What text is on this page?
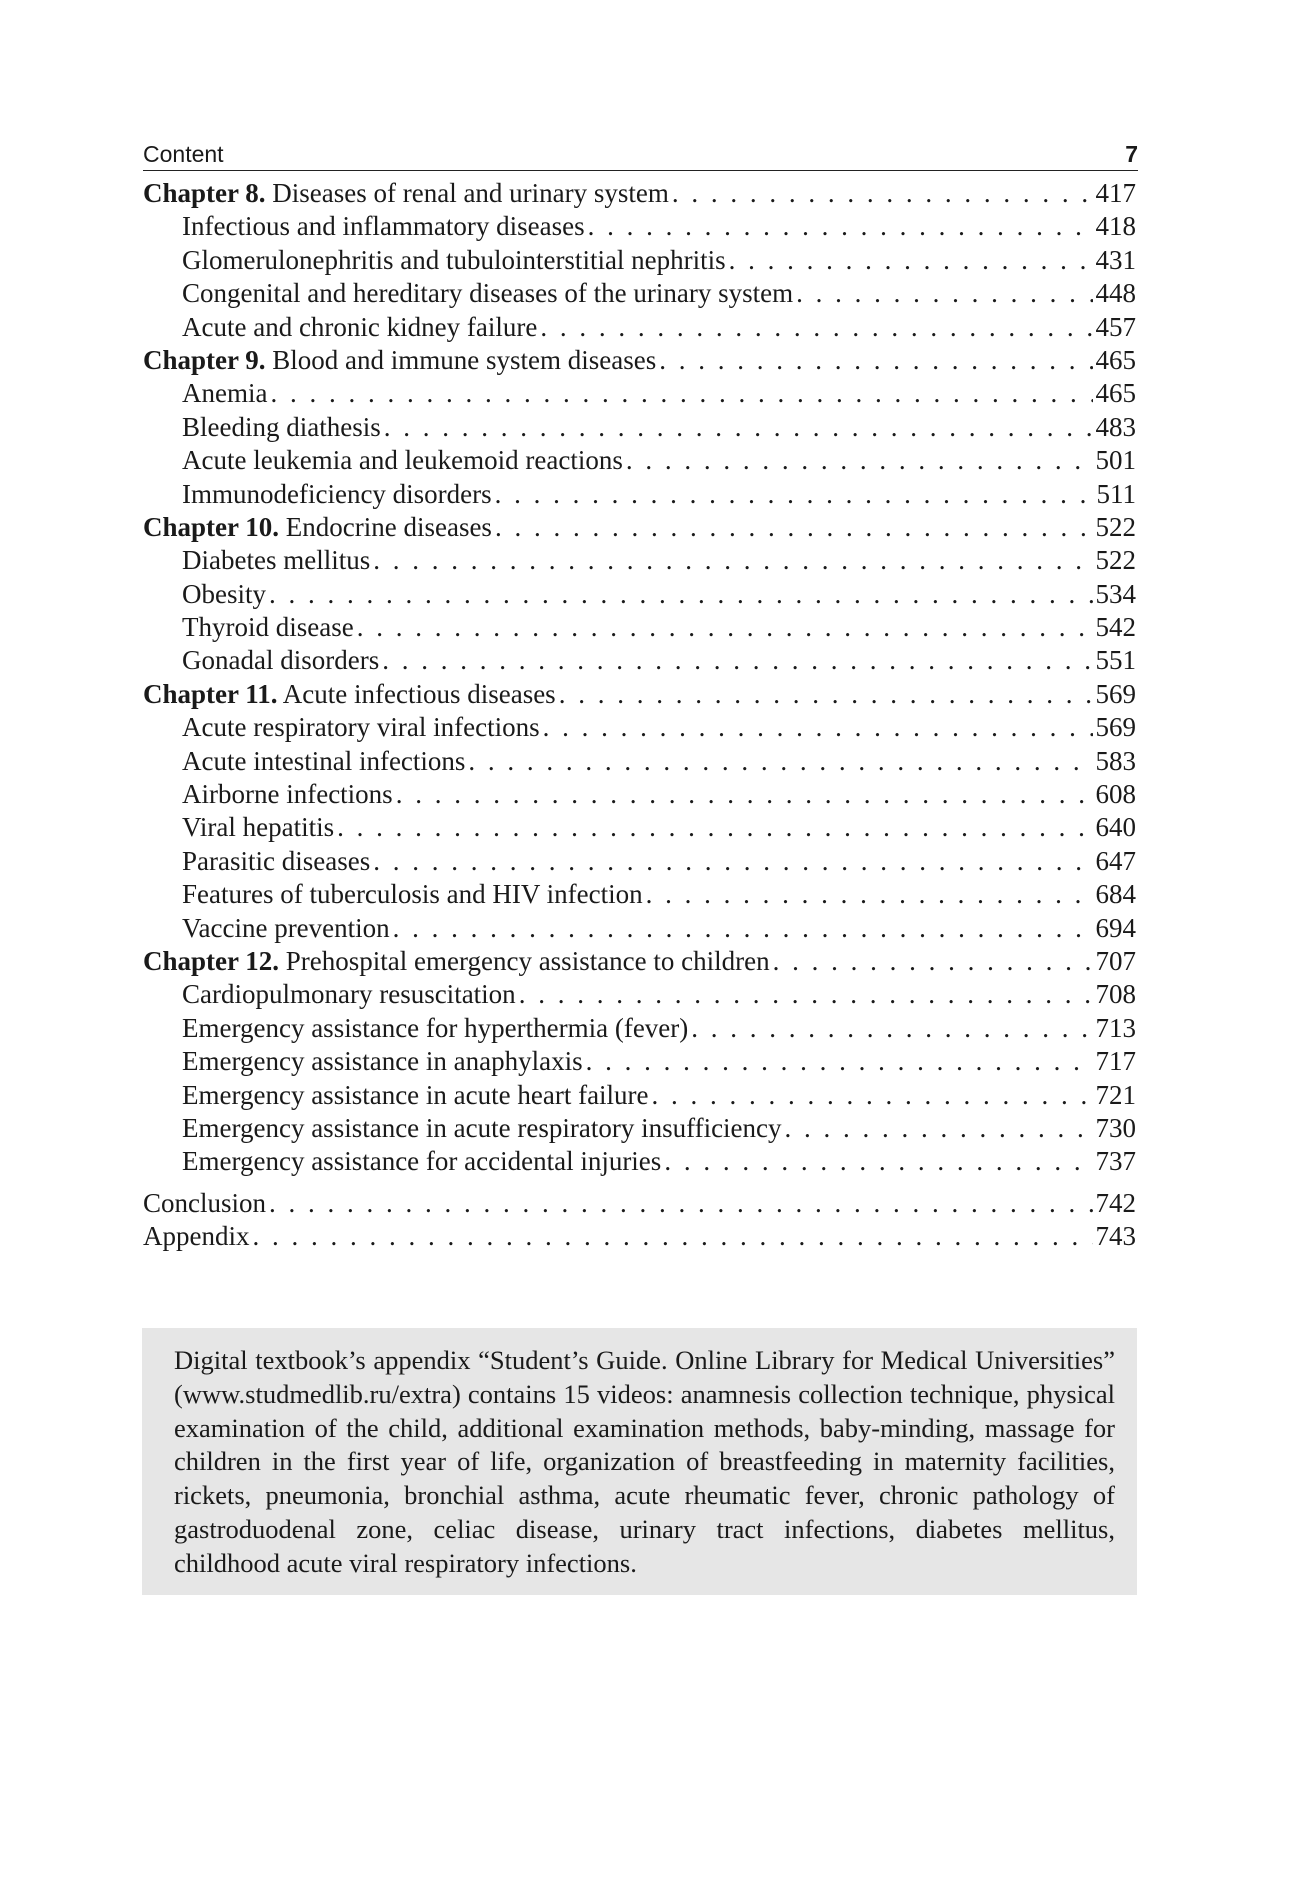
Content	7
Chapter 8. Diseases of renal and urinary system . . .	417
Infectious and inflammatory diseases . . .	418
Glomerulonephritis and tubulointerstitial nephritis . . .	431
Congenital and hereditary diseases of the urinary system . . .	448
Acute and chronic kidney failure . . .	457
Chapter 9. Blood and immune system diseases . . .	465
Anemia . . .	465
Bleeding diathesis . . .	483
Acute leukemia and leukemoid reactions . . .	501
Immunodeficiency disorders . . .	511
Chapter 10. Endocrine diseases . . .	522
Diabetes mellitus . . .	522
Obesity . . .	534
Thyroid disease . . .	542
Gonadal disorders . . .	551
Chapter 11. Acute infectious diseases . . .	569
Acute respiratory viral infections . . .	569
Acute intestinal infections . . .	583
Airborne infections . . .	608
Viral hepatitis . . .	640
Parasitic diseases . . .	647
Features of tuberculosis and HIV infection . . .	684
Vaccine prevention . . .	694
Chapter 12. Prehospital emergency assistance to children . . .	707
Cardiopulmonary resuscitation . . .	708
Emergency assistance for hyperthermia (fever) . . .	713
Emergency assistance in anaphylaxis . . .	717
Emergency assistance in acute heart failure . . .	721
Emergency assistance in acute respiratory insufficiency . . .	730
Emergency assistance for accidental injuries . . .	737
Conclusion . . .	742
Appendix . . .	743
Digital textbook’s appendix “Student’s Guide. Online Library for Medical Universities” (www.studmedlib.ru/extra) contains 15 videos: anamnesis collection technique, physical examination of the child, additional examination methods, baby-minding, massage for children in the first year of life, organization of breastfeeding in maternity facilities, rickets, pneumonia, bronchial asthma, acute rheumatic fever, chronic pathology of gastroduodenal zone, celiac disease, urinary tract infections, diabetes mellitus, childhood acute viral respiratory infections.
